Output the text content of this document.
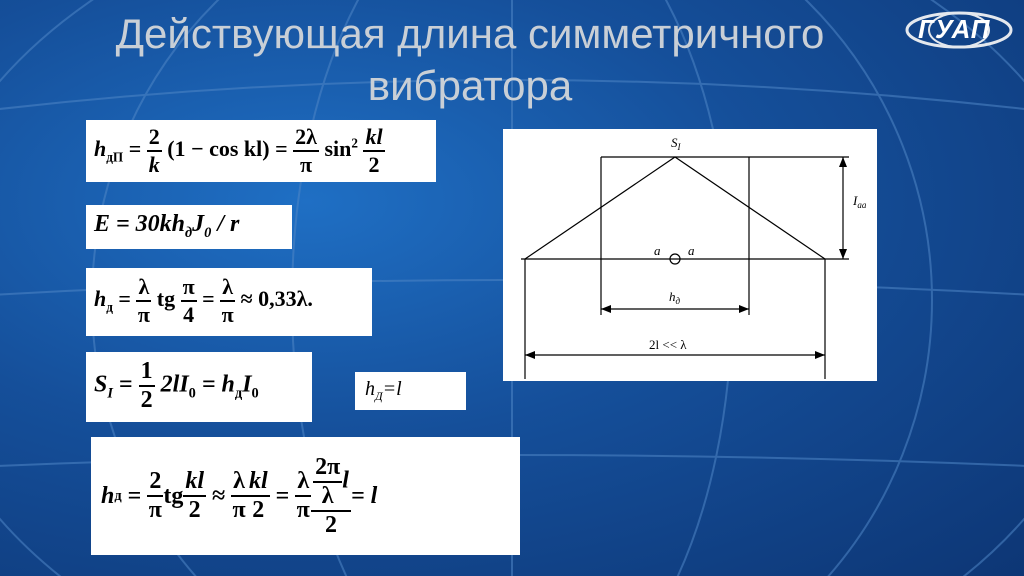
Действующая длина симметричного вибратора
ГУАП
$h_{дП} = \frac{2}{k} (1 - \cos kl) = \frac{2\lambda}{\pi} \sin^2 \frac{kl}{2}$
$E = 30kh_дJ_0 / r$
$h_д = \frac{\lambda}{\pi}$ tg $\frac{\pi}{4} = \frac{\lambda}{\pi} \approx 0,33\lambda$.
$S_I = \frac{1}{2} 2lI_0 = h_дI_0$	$h_Д=l$
h $д = \frac{2}{\pi}$ tg $\frac{kl}{2} \approx \frac{\lambda}{\pi} \frac{kl}{2} = \frac{\lambda}{\pi} \frac{\frac{2\pi}{\lambda} l}{2} = l$
$S_I$
$I_{aa}$
a a
$h_д$
2l << λ
